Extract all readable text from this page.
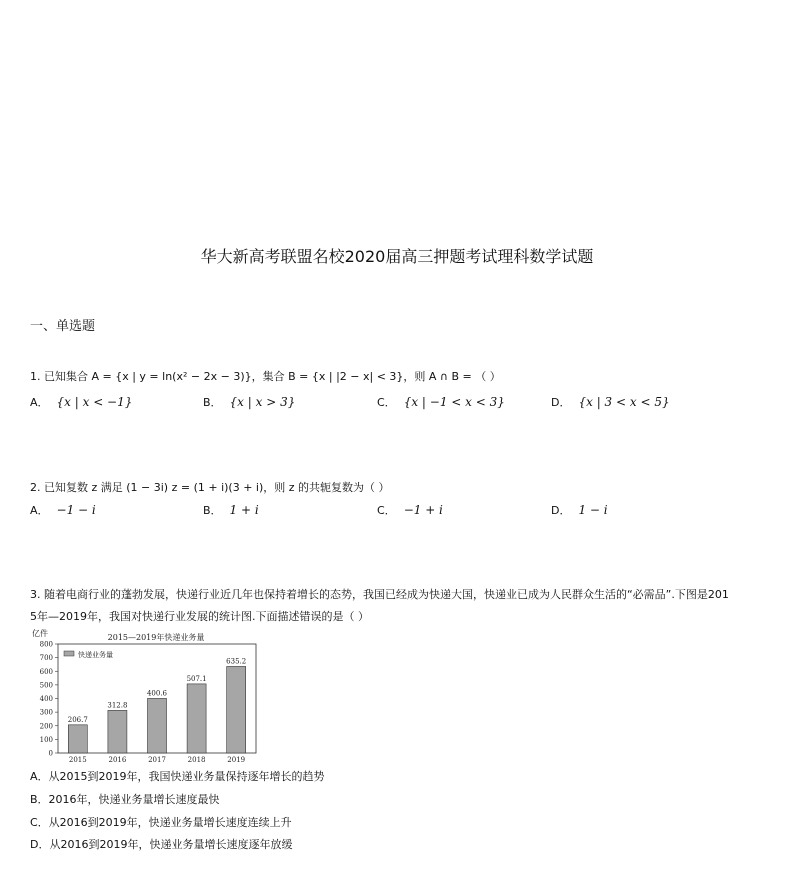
华大新高考联盟名校2020届高三押题考试理科数学试题
一、单选题
1. 已知集合 A = {x | y = ln(x² − 2x − 3)}，集合 B = {x | |2 − x| < 3}，则 A ∩ B = （ ）
A． {x | x < −1}	B． {x | x > 3}	C． {x | −1 < x < 3}	D． {x | 3 < x < 5}
2. 已知复数 z 满足 (1 − 3i) z = (1 + i)(3 + i)，则 z 的共轭复数为（ ）
A． −1 − i	B． 1 + i	C． −1 + i	D． 1 − i
3. 随着电商行业的蓬勃发展，快递行业近几年也保持着增长的态势，我国已经成为快递大国，快递业已成为人民群众生活的“必需品”.下图是201
5年—2019年，我国对快递行业发展的统计图.下面描述错误的是（ ）
亿件	2015—2019年快递业务量
快递业务量
0
100
200
300
400
500
600
700
800
206.7
2015
312.8
2016
400.6
2017
507.1
2018
635.2
2019
A．从2015到2019年，我国快递业务量保持逐年增长的趋势
B．2016年，快递业务量增长速度最快
C．从2016到2019年，快递业务量增长速度连续上升
D．从2016到2019年，快递业务量增长速度逐年放缓
